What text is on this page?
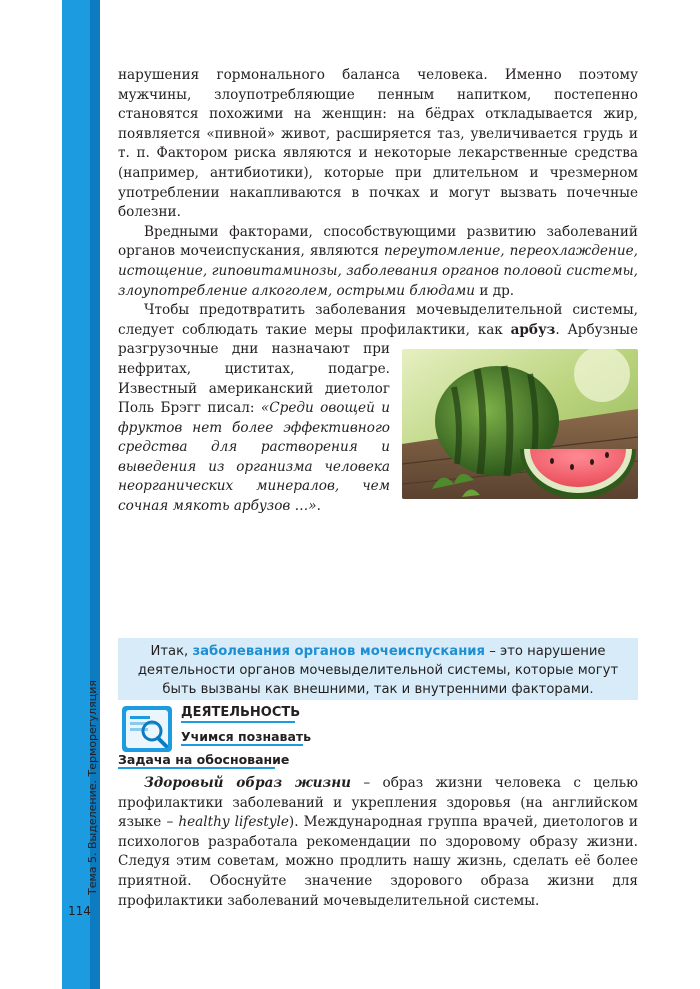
Тема 5. Выделение. Терморегуляция
114

нарушения гормонального баланса человека. Именно поэтому мужчины, злоупотребляющие пенным напитком, постепенно становятся похожими на женщин: на бёдрах откладывается жир, появляется «пивной» живот, расширяется таз, увеличивается грудь и т. п. Фактором риска являются и некоторые лекарственные средства (например, антибиотики), которые при длительном и чрезмерном употреблении накапливаются в почках и могут вызвать почечные болезни.

Вредными факторами, способствующими развитию заболеваний органов мочеиспускания, являются переутомление, переохлаждение, истощение, гиповитаминозы, заболевания органов половой системы, злоупотребление алкоголем, острыми блюдами и др.

Чтобы предотвратить заболевания мочевыделительной системы, следует соблюдать такие меры профилактики, как
арбуз. Арбузные разгрузочные дни назначают при нефритах, циститах, подагре. Известный американский диетолог Поль Брэгг писал: «Среди овощей и фруктов нет более эффективного средства для растворения и выведения из организма человека неорганических минералов, чем сочная мякоть арбузов …».

Итак, заболевания органов мочеиспускания – это нарушение деятельности органов мочевыделительной системы, которые могут быть вызваны как внешними, так и внутренними факторами.
ДЕЯТЕЛЬНОСТЬ
Учимся познавать
Задача на обоснование

Здоровый образ жизни – образ жизни человека с целью профилактики заболеваний и укрепления здоровья (на английском языке – healthy lifestyle). Международная группа врачей, диетологов и психологов разработала рекомендации по здоровому образу жизни. Следуя этим советам, можно продлить нашу жизнь, сделать её более приятной. Обоснуйте значение здорового образа жизни для профилактики заболеваний мочевыделительной системы.
